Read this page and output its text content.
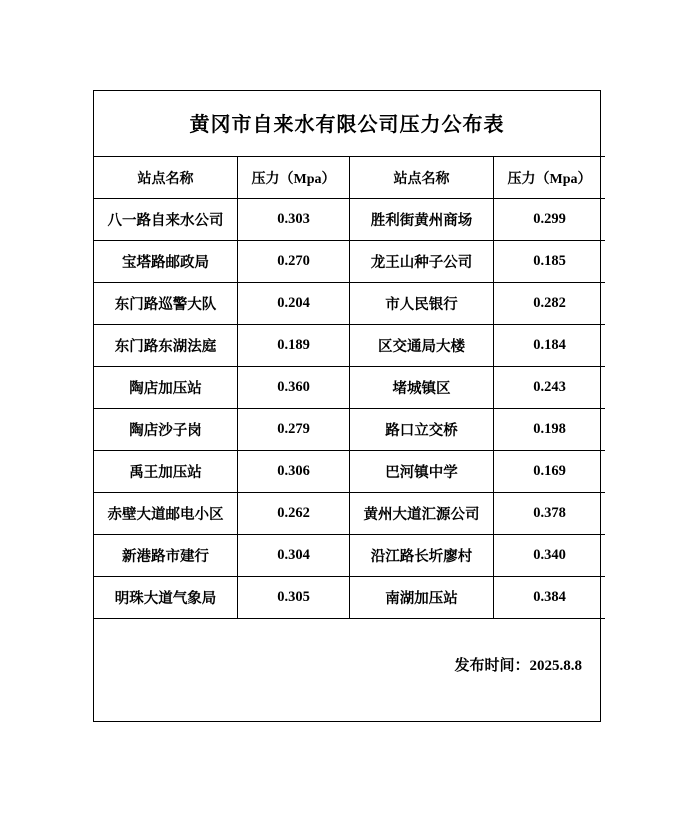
黄冈市自来水有限公司压力公布表
站点名称	压力（Mpa）	站点名称	压力（Mpa）
八一路自来水公司	0.303	胜利街黄州商场	0.299
宝塔路邮政局	0.270	龙王山种子公司	0.185
东门路巡警大队	0.204	市人民银行	0.282
东门路东湖法庭	0.189	区交通局大楼	0.184
陶店加压站	0.360	堵城镇区	0.243
陶店沙子岗	0.279	路口立交桥	0.198
禹王加压站	0.306	巴河镇中学	0.169
赤壁大道邮电小区	0.262	黄州大道汇源公司	0.378
新港路市建行	0.304	沿江路长圻廖村	0.340
明珠大道气象局	0.305	南湖加压站	0.384
发布时间：2025.8.8
